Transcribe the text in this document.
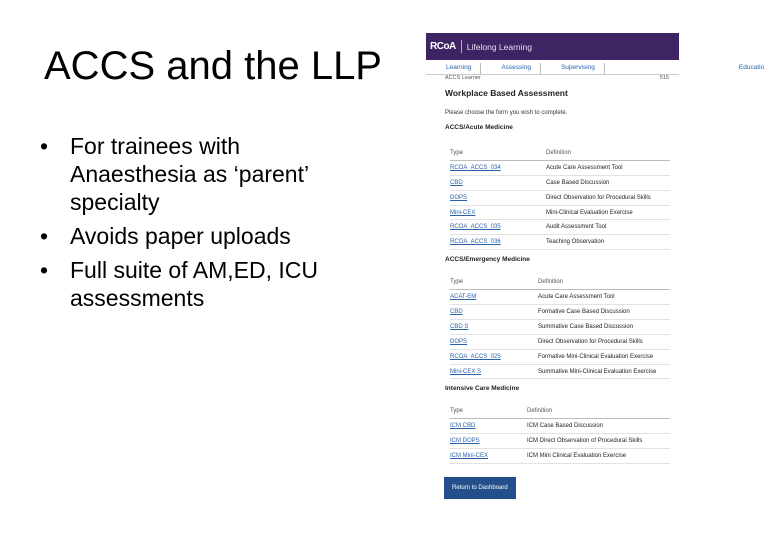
ACCS and the LLP
• For trainees with Anaesthesia as ‘parent’ specialty
• Avoids paper uploads
• Full suite of AM,ED, ICU assessments
RCoA Lifelong Learning
Learning	Assessing	Supervising	Educatio
ACCS Learner	515
Workplace Based Assessment
Please choose the form you wish to complete.
ACCS/Acute Medicine
Type	Definition
RCOA_ACCS_034	Acute Care Assessment Tool
CBD	Case Based Discussion
DOPS	Direct Observation for Procedural Skills
Mini-CEX	Mini-Clinical Evaluation Exercise
RCOA_ACCS_035	Audit Assessment Tool
RCOA_ACCS_036	Teaching Observation
ACCS/Emergency Medicine
Type	Definition
ACAT-EM	Acute Care Assessment Tool
CBD	Formative Case Based Discussion
CBD S	Summative Case Based Discussion
DOPS	Direct Observation for Procedural Skills
RCOA_ACCS_025	Formative Mini-Clinical Evaluation Exercise
Mini-CEX S	Summative Mini-Clinical Evaluation Exercise
Intensive Care Medicine
Type	Definition
ICM CBD	ICM Case Based Discussion
ICM DOPS	ICM Direct Observation of Procedural Skills
ICM Mini-CEX	ICM Mini Clinical Evaluation Exercise
Return to Dashboard
